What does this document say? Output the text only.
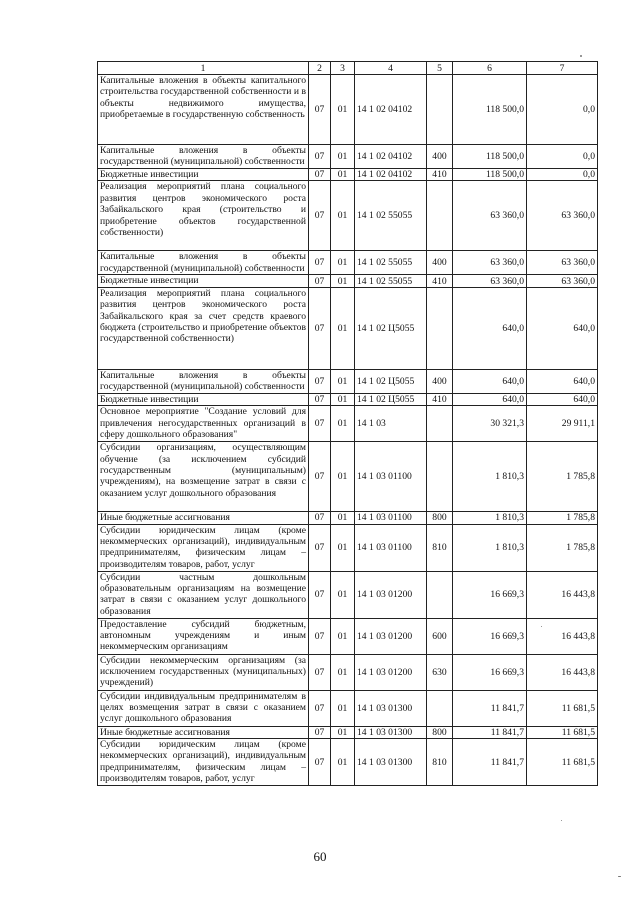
1	2	3	4	5	6	7
Капитальные вложения в объекты капитального строительства государственной собственности и в объекты недвижимого имущества, приобретаемые в государственную собственность	07	01	14 1 02 04102		118 500,0	0,0
Капитальные вложения в объекты государственной (муниципальной) собственности	07	01	14 1 02 04102	400	118 500,0	0,0
Бюджетные инвестиции	07	01	14 1 02 04102	410	118 500,0	0,0
Реализация мероприятий плана социального развития центров экономического роста Забайкальского края (строительство и приобретение объектов государственной собственности)	07	01	14 1 02 55055		63 360,0	63 360,0
Капитальные вложения в объекты государственной (муниципальной) собственности	07	01	14 1 02 55055	400	63 360,0	63 360,0
Бюджетные инвестиции	07	01	14 1 02 55055	410	63 360,0	63 360,0
Реализация мероприятий плана социального развития центров экономического роста Забайкальского края за счет средств краевого бюджета (строительство и приобретение объектов государственной собственности)	07	01	14 1 02 Ц5055		640,0	640,0
Капитальные вложения в объекты государственной (муниципальной) собственности	07	01	14 1 02 Ц5055	400	640,0	640,0
Бюджетные инвестиции	07	01	14 1 02 Ц5055	410	640,0	640,0
Основное мероприятие "Создание условий для привлечения негосударственных организаций в сферу дошкольного образования"	07	01	14 1 03		30 321,3	29 911,1
Субсидии организациям, осуществляющим обучение (за исключением субсидий государственным (муниципальным) учреждениям), на возмещение затрат в связи с оказанием услуг дошкольного образования	07	01	14 1 03 01100		1 810,3	1 785,8
Иные бюджетные ассигнования	07	01	14 1 03 01100	800	1 810,3	1 785,8
Субсидии юридическим лицам (кроме некоммерческих организаций), индивидуальным предпринимателям, физическим лицам – производителям товаров, работ, услуг	07	01	14 1 03 01100	810	1 810,3	1 785,8
Субсидии частным дошкольным образовательным организациям на возмещение затрат в связи с оказанием услуг дошкольного образования	07	01	14 1 03 01200		16 669,3	16 443,8
Предоставление субсидий бюджетным, автономным учреждениям и иным некоммерческим организациям	07	01	14 1 03 01200	600	16 669,3	16 443,8
Субсидии некоммерческим организациям (за исключением государственных (муниципальных) учреждений)	07	01	14 1 03 01200	630	16 669,3	16 443,8
Субсидии индивидуальным предпринимателям в целях возмещения затрат в связи с оказанием услуг дошкольного образования	07	01	14 1 03 01300		11 841,7	11 681,5
Иные бюджетные ассигнования	07	01	14 1 03 01300	800	11 841,7	11 681,5
Субсидии юридическим лицам (кроме некоммерческих организаций), индивидуальным предпринимателям, физическим лицам – производителям товаров, работ, услуг	07	01	14 1 03 01300	810	11 841,7	11 681,5
60
